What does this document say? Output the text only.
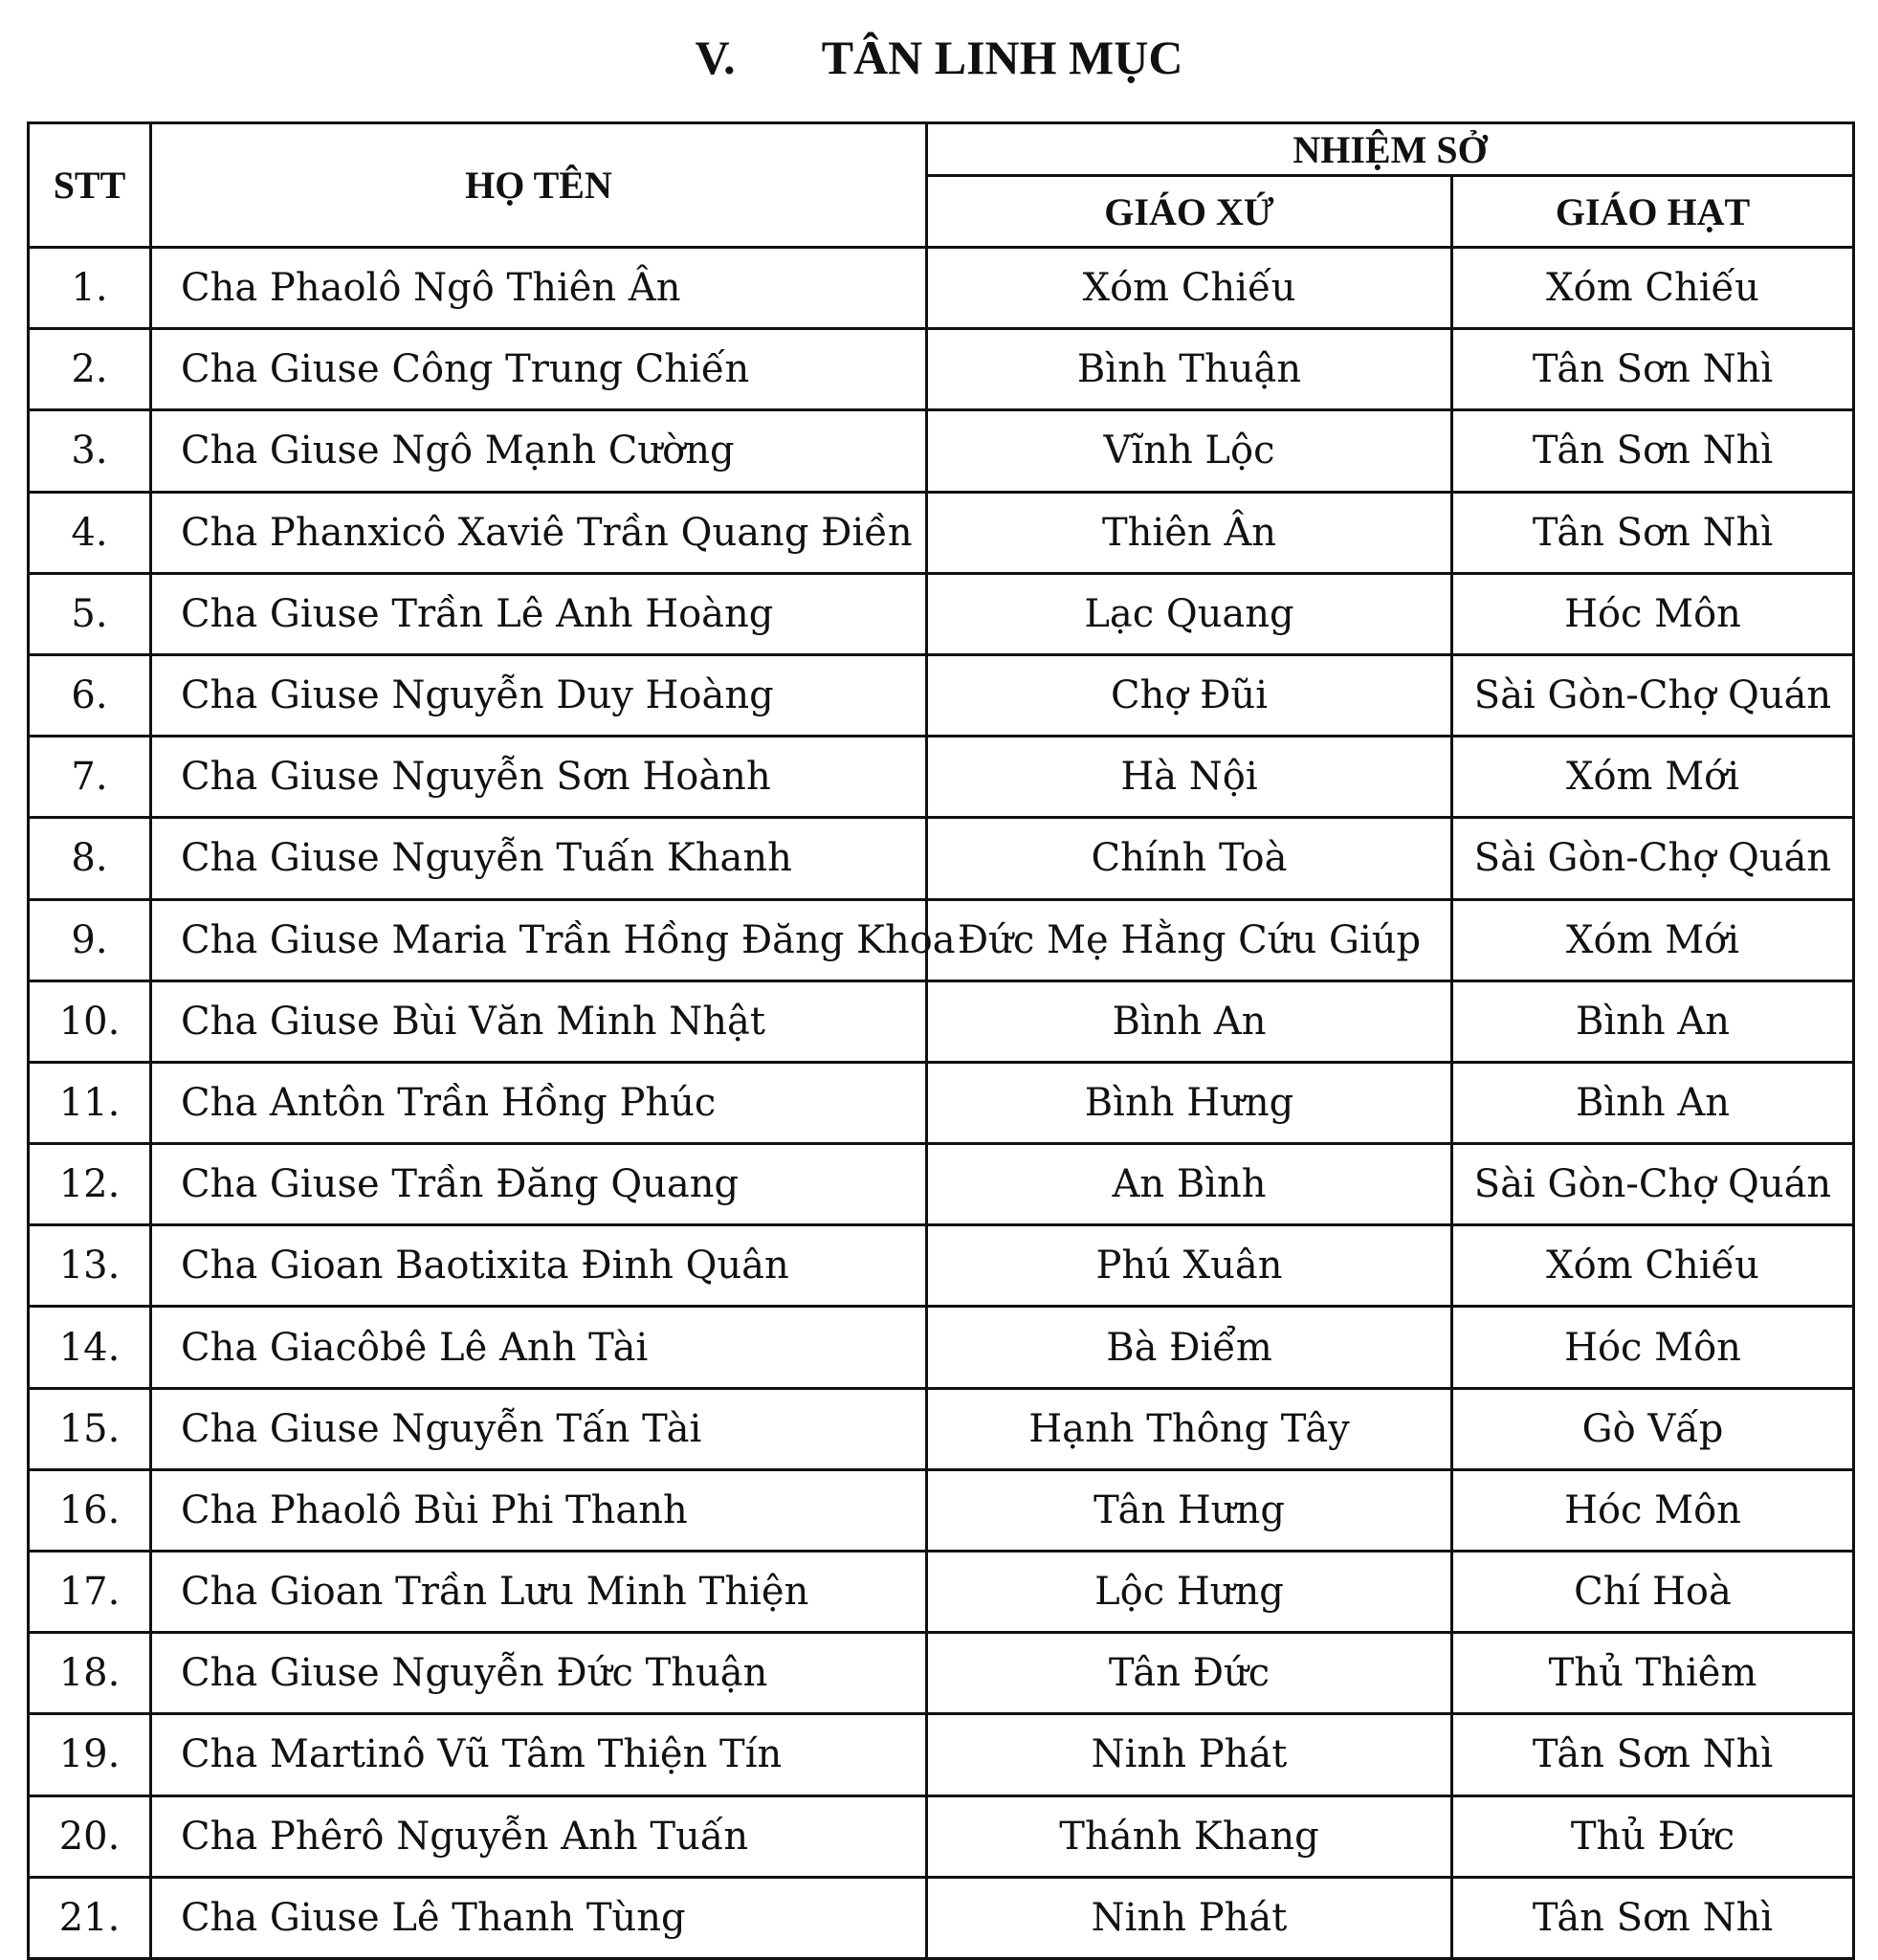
V. TÂN LINH MỤC
STT	HỌ TÊN	NHIỆM SỞ	
		GIÁO XỨ	GIÁO HẠT
1.	Cha Phaolô Ngô Thiên Ân	Xóm Chiếu	Xóm Chiếu
2.	Cha Giuse Công Trung Chiến	Bình Thuận	Tân Sơn Nhì
3.	Cha Giuse Ngô Mạnh Cường	Vĩnh Lộc	Tân Sơn Nhì
4.	Cha Phanxicô Xaviê Trần Quang Điền	Thiên Ân	Tân Sơn Nhì
5.	Cha Giuse Trần Lê Anh Hoàng	Lạc Quang	Hóc Môn
6.	Cha Giuse Nguyễn Duy Hoàng	Chợ Đũi	Sài Gòn-Chợ Quán
7.	Cha Giuse Nguyễn Sơn Hoành	Hà Nội	Xóm Mới
8.	Cha Giuse Nguyễn Tuấn Khanh	Chính Toà	Sài Gòn-Chợ Quán
9.	Cha Giuse Maria Trần Hồng Đăng Khoa	Đức Mẹ Hằng Cứu Giúp	Xóm Mới
10.	Cha Giuse Bùi Văn Minh Nhật	Bình An	Bình An
11.	Cha Antôn Trần Hồng Phúc	Bình Hưng	Bình An
12.	Cha Giuse Trần Đăng Quang	An Bình	Sài Gòn-Chợ Quán
13.	Cha Gioan Baotixita Đinh Quân	Phú Xuân	Xóm Chiếu
14.	Cha Giacôbê Lê Anh Tài	Bà Điểm	Hóc Môn
15.	Cha Giuse Nguyễn Tấn Tài	Hạnh Thông Tây	Gò Vấp
16.	Cha Phaolô Bùi Phi Thanh	Tân Hưng	Hóc Môn
17.	Cha Gioan Trần Lưu Minh Thiện	Lộc Hưng	Chí Hoà
18.	Cha Giuse Nguyễn Đức Thuận	Tân Đức	Thủ Thiêm
19.	Cha Martinô Vũ Tâm Thiện Tín	Ninh Phát	Tân Sơn Nhì
20.	Cha Phêrô Nguyễn Anh Tuấn	Thánh Khang	Thủ Đức
21.	Cha Giuse Lê Thanh Tùng	Ninh Phát	Tân Sơn Nhì
